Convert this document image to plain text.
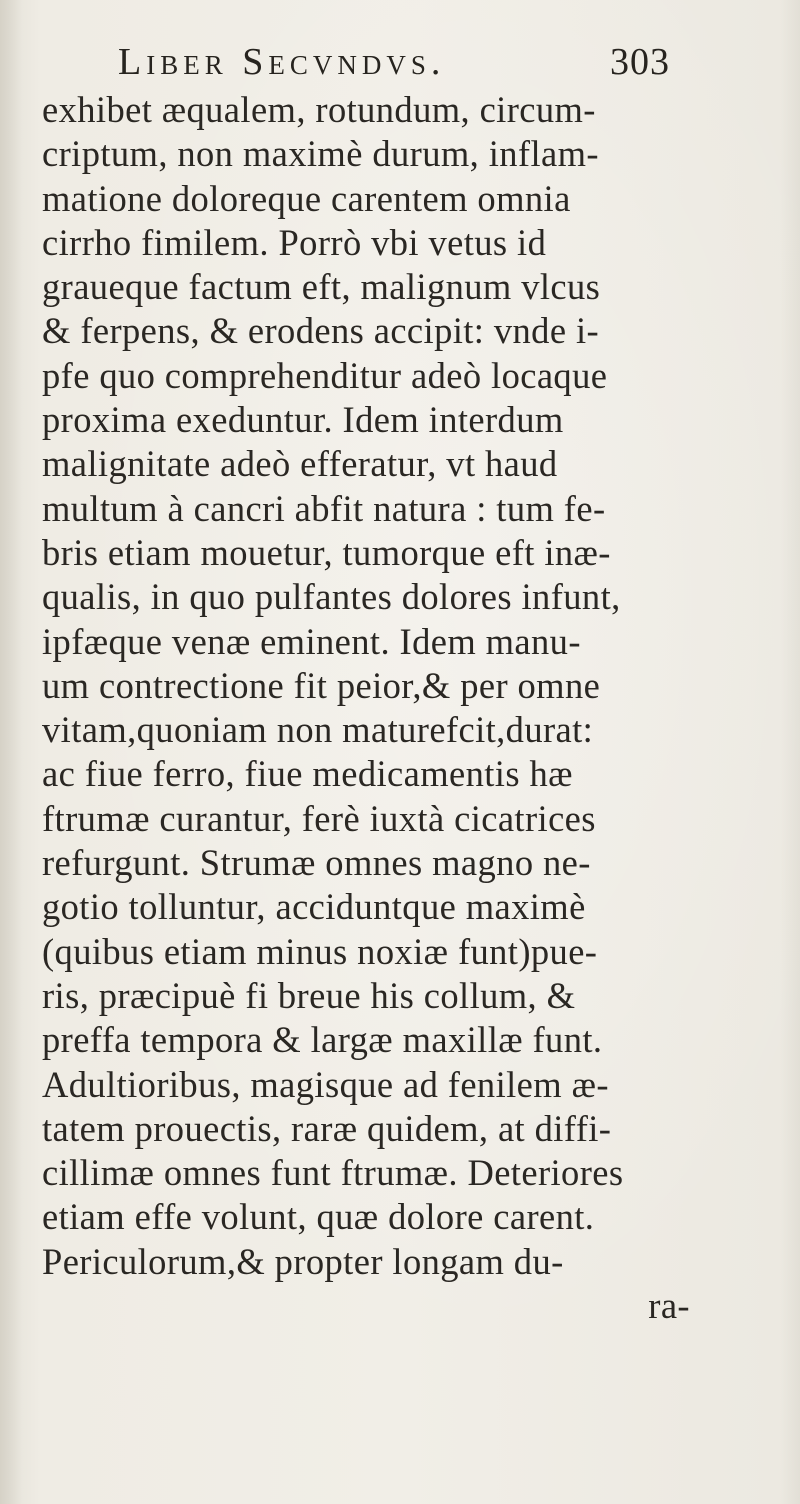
Liber Secvndvs.	303
exhibet æqualem, rotundum, circum-
criptum, non maximè durum, inflam-
matione doloreque carentem omnia
cirrho fimilem. Porrò vbi vetus id
graueque factum eft, malignum vlcus
& ferpens, & erodens accipit: vnde i-
pfe quo comprehenditur adeò locaque
proxima exeduntur. Idem interdum
malignitate adeò efferatur, vt haud
multum à cancri abfit natura : tum fe-
bris etiam mouetur, tumorque eft inæ-
qualis, in quo pulfantes dolores infunt,
ipfæque venæ eminent. Idem manu-
um contrectione fit peior,& per omne
vitam,quoniam non maturefcit,durat:
ac fiue ferro, fiue medicamentis hæ
ftrumæ curantur, ferè iuxtà cicatrices
refurgunt. Strumæ omnes magno ne-
gotio tolluntur, acciduntque maximè
(quibus etiam minus noxiæ funt)pue-
ris, præcipuè fi breue his collum, &
preffa tempora & largæ maxillæ funt.
Adultioribus, magisque ad fenilem æ-
tatem prouectis, raræ quidem, at diffi-
cillimæ omnes funt ftrumæ. Deteriores
etiam effe volunt, quæ dolore carent.
Periculorum,& propter longam du-
ra-
